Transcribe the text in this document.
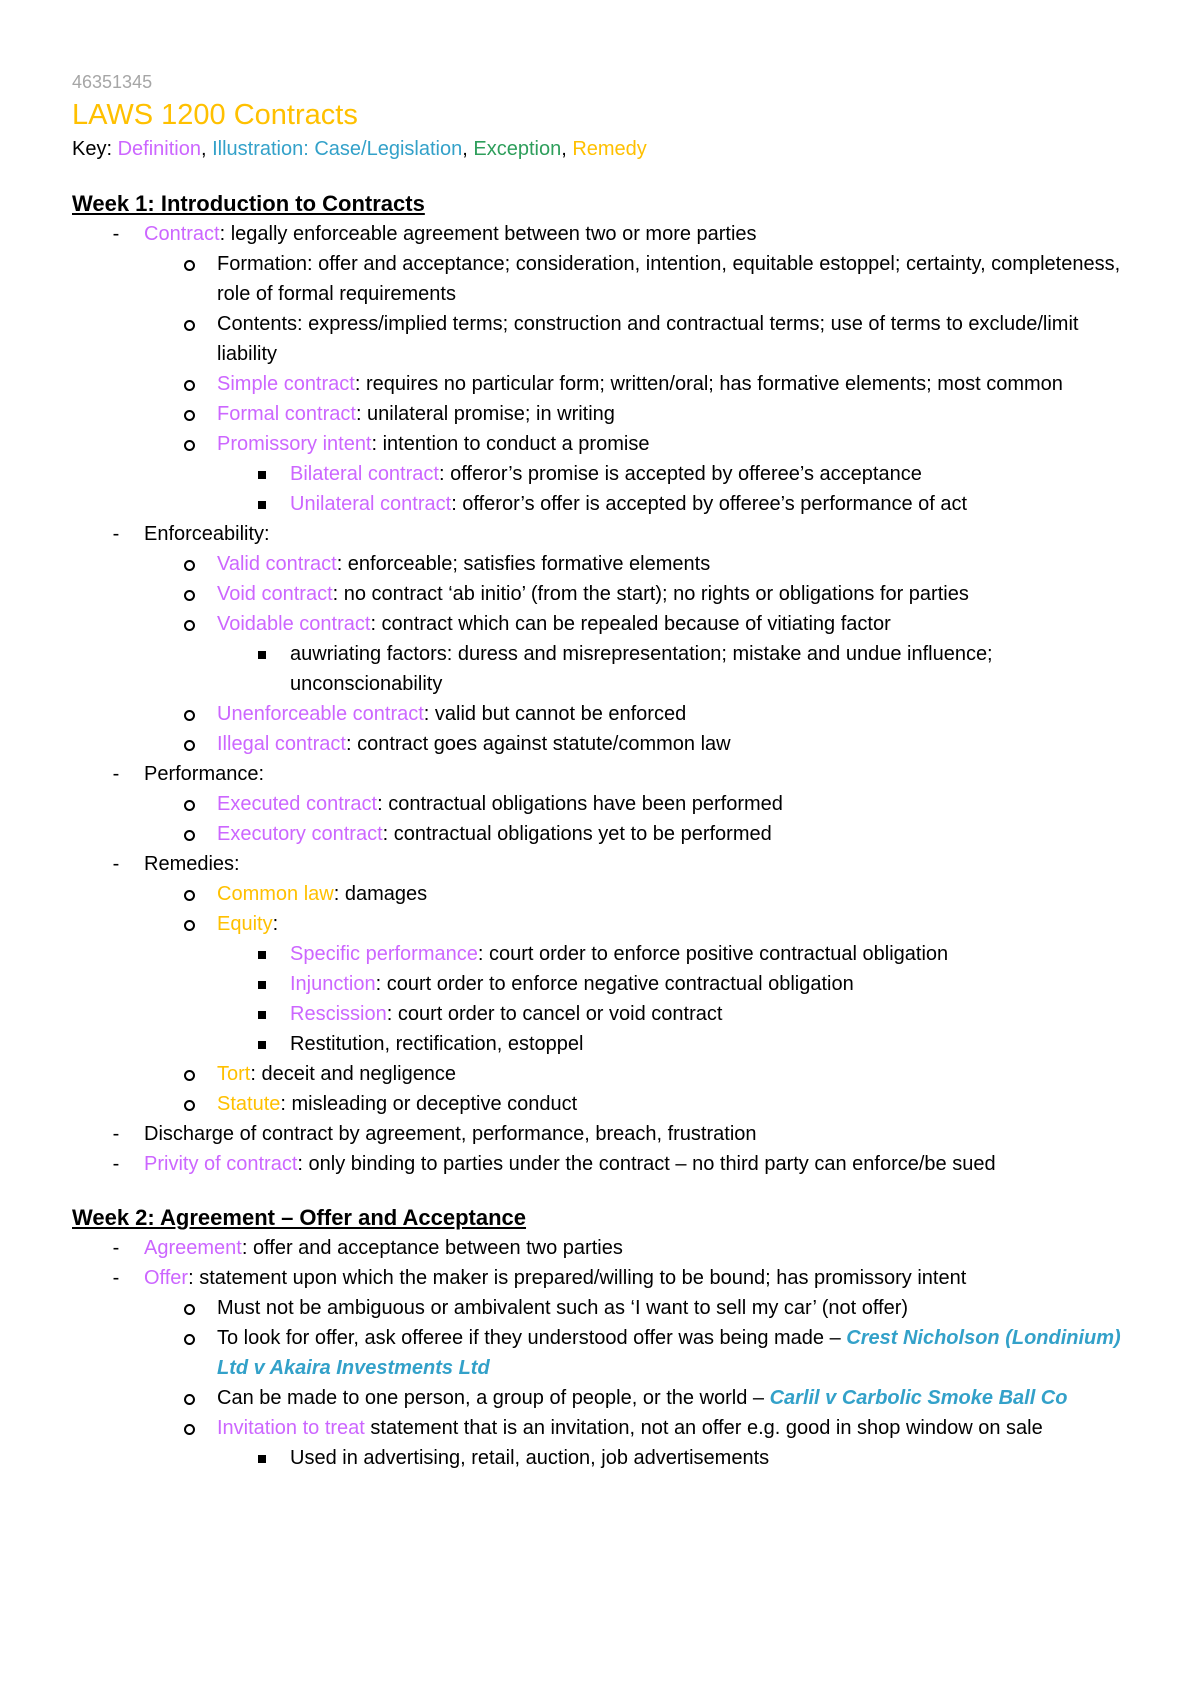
46351345
LAWS 1200 Contracts
Key: Definition, Illustration: Case/Legislation, Exception, Remedy
Week 1: Introduction to Contracts
-	Contract: legally enforceable agreement between two or more parties
Formation: offer and acceptance; consideration, intention, equitable estoppel; certainty, completeness, role of formal requirements
Contents: express/implied terms; construction and contractual terms; use of terms to exclude/limit liability
Simple contract: requires no particular form; written/oral; has formative elements; most common
Formal contract: unilateral promise; in writing
Promissory intent: intention to conduct a promise
Bilateral contract: offeror’s promise is accepted by offeree’s acceptance
Unilateral contract: offeror’s offer is accepted by offeree’s performance of act
-	Enforceability:
Valid contract: enforceable; satisfies formative elements
Void contract: no contract ‘ab initio’ (from the start); no rights or obligations for parties
Voidable contract: contract which can be repealed because of vitiating factor
auwriating factors: duress and misrepresentation; mistake and undue influence; unconscionability
Unenforceable contract: valid but cannot be enforced
Illegal contract: contract goes against statute/common law
-	Performance:
Executed contract: contractual obligations have been performed
Executory contract: contractual obligations yet to be performed
-	Remedies:
Common law: damages
Equity:
Specific performance: court order to enforce positive contractual obligation
Injunction: court order to enforce negative contractual obligation
Rescission: court order to cancel or void contract
Restitution, rectification, estoppel
Tort: deceit and negligence
Statute: misleading or deceptive conduct
-	Discharge of contract by agreement, performance, breach, frustration
-	Privity of contract: only binding to parties under the contract – no third party can enforce/be sued
Week 2: Agreement – Offer and Acceptance
-	Agreement: offer and acceptance between two parties
-	Offer: statement upon which the maker is prepared/willing to be bound; has promissory intent
Must not be ambiguous or ambivalent such as ‘I want to sell my car’ (not offer)
To look for offer, ask offeree if they understood offer was being made – Crest Nicholson (Londinium) Ltd v Akaira Investments Ltd
Can be made to one person, a group of people, or the world – Carlil v Carbolic Smoke Ball Co
Invitation to treat statement that is an invitation, not an offer e.g. good in shop window on sale
Used in advertising, retail, auction, job advertisements
